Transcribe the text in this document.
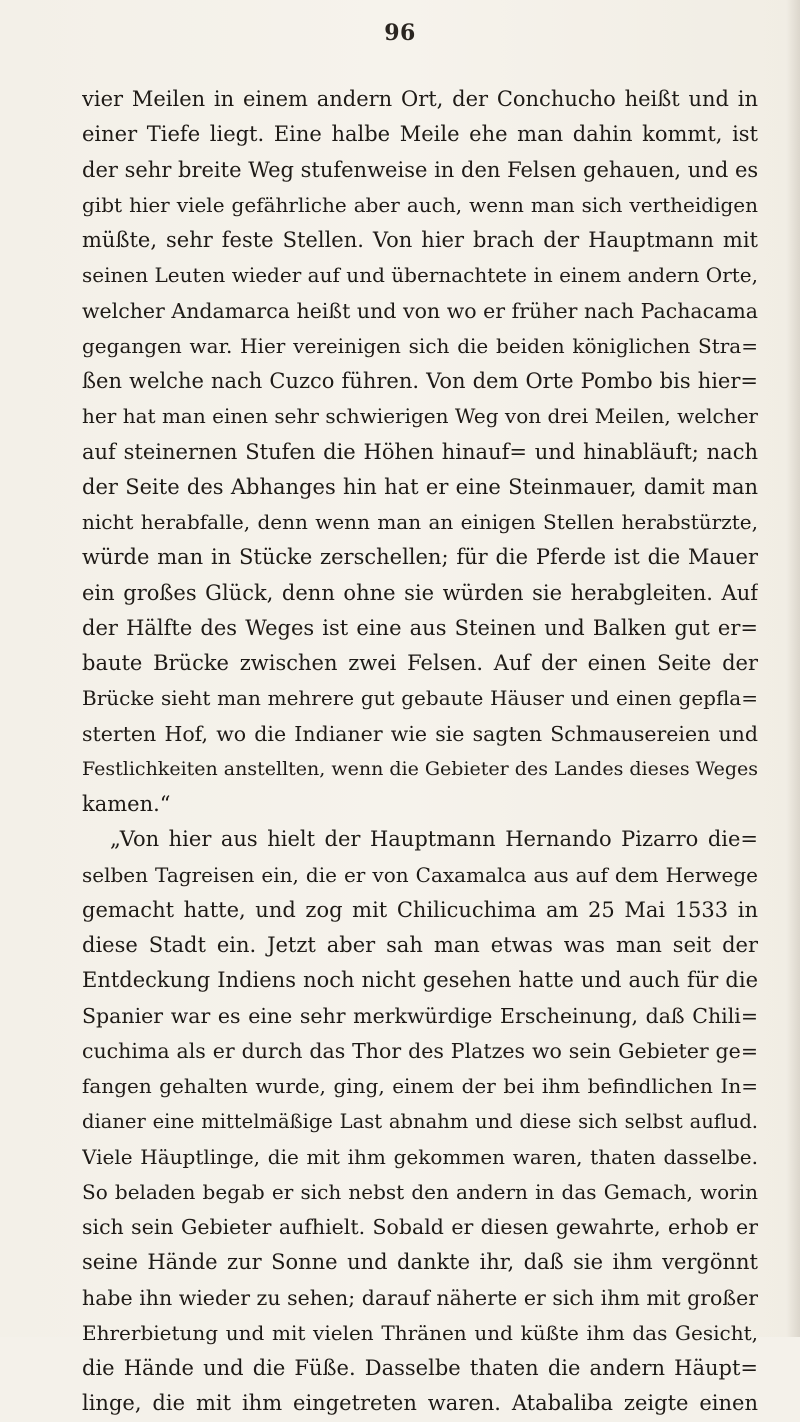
96
vier Meilen in einem andern Ort, der Conchucho heißt und in
einer Tiefe liegt. Eine halbe Meile ehe man dahin kommt, ist
der sehr breite Weg stufenweise in den Felsen gehauen, und es
gibt hier viele gefährliche aber auch, wenn man sich vertheidigen
müßte, sehr feste Stellen. Von hier brach der Hauptmann mit
seinen Leuten wieder auf und übernachtete in einem andern Orte,
welcher Andamarca heißt und von wo er früher nach Pachacama
gegangen war. Hier vereinigen sich die beiden königlichen Stra=
ßen welche nach Cuzco führen. Von dem Orte Pombo bis hier=
her hat man einen sehr schwierigen Weg von drei Meilen, welcher
auf steinernen Stufen die Höhen hinauf= und hinabläuft; nach
der Seite des Abhanges hin hat er eine Steinmauer, damit man
nicht herabfalle, denn wenn man an einigen Stellen herabstürzte,
würde man in Stücke zerschellen; für die Pferde ist die Mauer
ein großes Glück, denn ohne sie würden sie herabgleiten. Auf
der Hälfte des Weges ist eine aus Steinen und Balken gut er=
baute Brücke zwischen zwei Felsen. Auf der einen Seite der
Brücke sieht man mehrere gut gebaute Häuser und einen gepfla=
sterten Hof, wo die Indianer wie sie sagten Schmausereien und
Festlichkeiten anstellten, wenn die Gebieter des Landes dieses Weges
kamen.“
„Von hier aus hielt der Hauptmann Hernando Pizarro die=
selben Tagreisen ein, die er von Caxamalca aus auf dem Herwege
gemacht hatte, und zog mit Chilicuchima am 25 Mai 1533 in
diese Stadt ein. Jetzt aber sah man etwas was man seit der
Entdeckung Indiens noch nicht gesehen hatte und auch für die
Spanier war es eine sehr merkwürdige Erscheinung, daß Chili=
cuchima als er durch das Thor des Platzes wo sein Gebieter ge=
fangen gehalten wurde, ging, einem der bei ihm befindlichen In=
dianer eine mittelmäßige Last abnahm und diese sich selbst auflud.
Viele Häuptlinge, die mit ihm gekommen waren, thaten dasselbe.
So beladen begab er sich nebst den andern in das Gemach, worin
sich sein Gebieter aufhielt. Sobald er diesen gewahrte, erhob er
seine Hände zur Sonne und dankte ihr, daß sie ihm vergönnt
habe ihn wieder zu sehen; darauf näherte er sich ihm mit großer
Ehrerbietung und mit vielen Thränen und küßte ihm das Gesicht,
die Hände und die Füße. Dasselbe thaten die andern Häupt=
linge, die mit ihm eingetreten waren. Atabaliba zeigte einen
